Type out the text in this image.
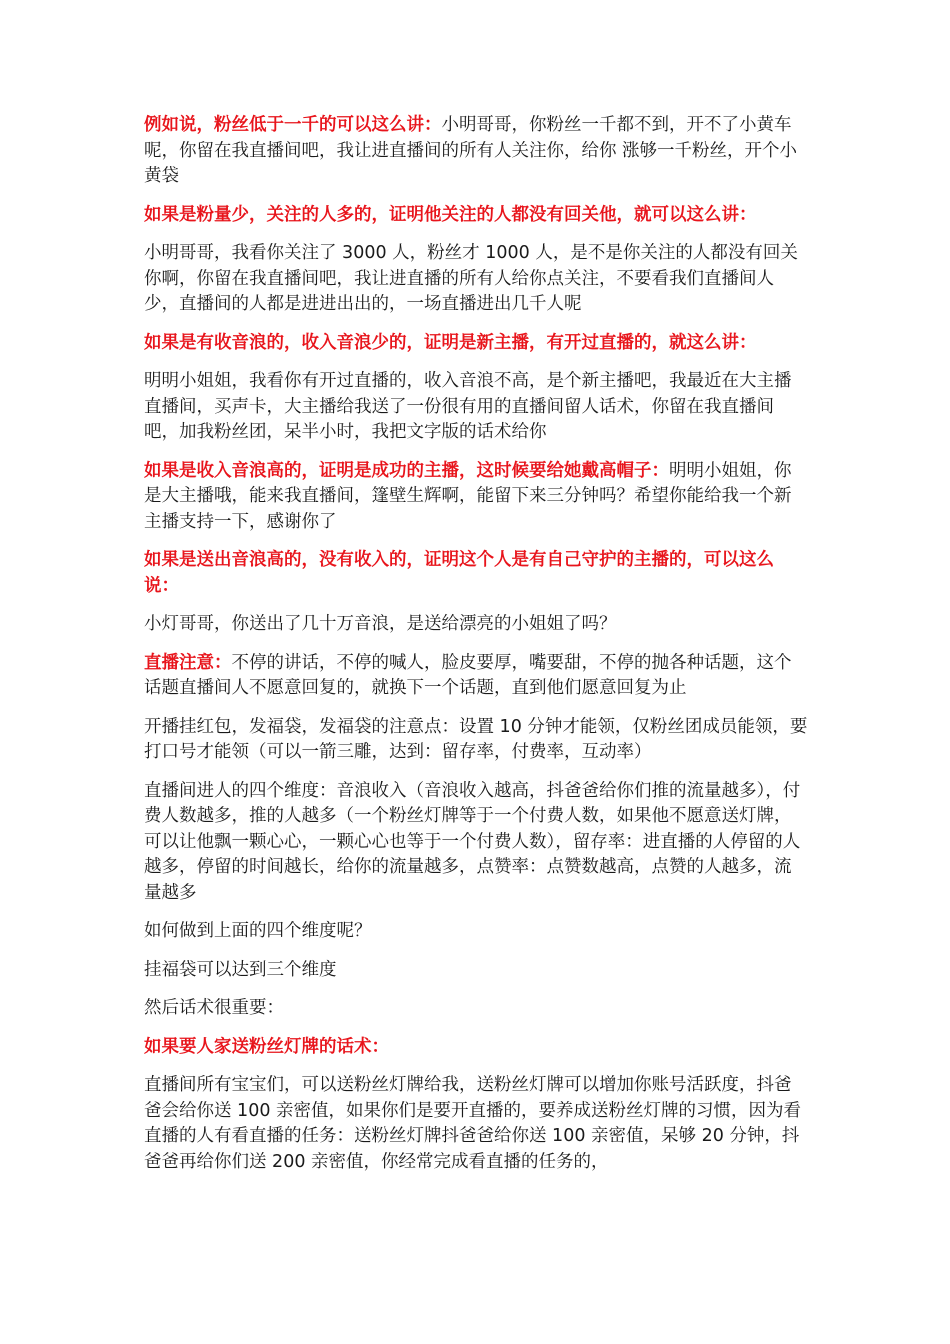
例如说，粉丝低于一千的可以这么讲：小明哥哥，你粉丝一千都不到，开不了小黄车呢，你留在我直播间吧，我让进直播间的所有人关注你，给你 涨够一千粉丝，开个小黄袋

如果是粉量少，关注的人多的，证明他关注的人都没有回关他，就可以这么讲：

小明哥哥，我看你关注了 3000 人，粉丝才 1000 人，是不是你关注的人都没有回关你啊，你留在我直播间吧，我让进直播的所有人给你点关注，不要看我们直播间人少，直播间的人都是进进出出的，一场直播进出几千人呢

如果是有收音浪的，收入音浪少的，证明是新主播，有开过直播的，就这么讲：

明明小姐姐，我看你有开过直播的，收入音浪不高，是个新主播吧，我最近在大主播直播间，买声卡，大主播给我送了一份很有用的直播间留人话术，你留在我直播间吧，加我粉丝团，呆半小时，我把文字版的话术给你

如果是收入音浪高的，证明是成功的主播，这时候要给她戴高帽子：明明小姐姐，你是大主播哦，能来我直播间，篷壁生辉啊，能留下来三分钟吗？希望你能给我一个新主播支持一下，感谢你了

如果是送出音浪高的，没有收入的，证明这个人是有自己守护的主播的，可以这么说：

小灯哥哥，你送出了几十万音浪，是送给漂亮的小姐姐了吗？

直播注意：不停的讲话，不停的喊人，脸皮要厚，嘴要甜，不停的抛各种话题，这个话题直播间人不愿意回复的，就换下一个话题，直到他们愿意回复为止

开播挂红包，发福袋，发福袋的注意点：设置 10 分钟才能领，仅粉丝团成员能领，要打口号才能领（可以一箭三雕，达到：留存率，付费率，互动率）

直播间进人的四个维度：音浪收入（音浪收入越高，抖爸爸给你们推的流量越多），付费人数越多，推的人越多（一个粉丝灯牌等于一个付费人数，如果他不愿意送灯牌，可以让他飘一颗心心，一颗心心也等于一个付费人数），留存率：进直播的人停留的人越多，停留的时间越长，给你的流量越多，点赞率：点赞数越高，点赞的人越多，流量越多

如何做到上面的四个维度呢？

挂福袋可以达到三个维度

然后话术很重要：

如果要人家送粉丝灯牌的话术：

直播间所有宝宝们，可以送粉丝灯牌给我，送粉丝灯牌可以增加你账号活跃度，抖爸爸会给你送 100 亲密值，如果你们是要开直播的，要养成送粉丝灯牌的习惯，因为看直播的人有看直播的任务：送粉丝灯牌抖爸爸给你送 100 亲密值，呆够 20 分钟，抖爸爸再给你们送 200 亲密值，你经常完成看直播的任务的，
